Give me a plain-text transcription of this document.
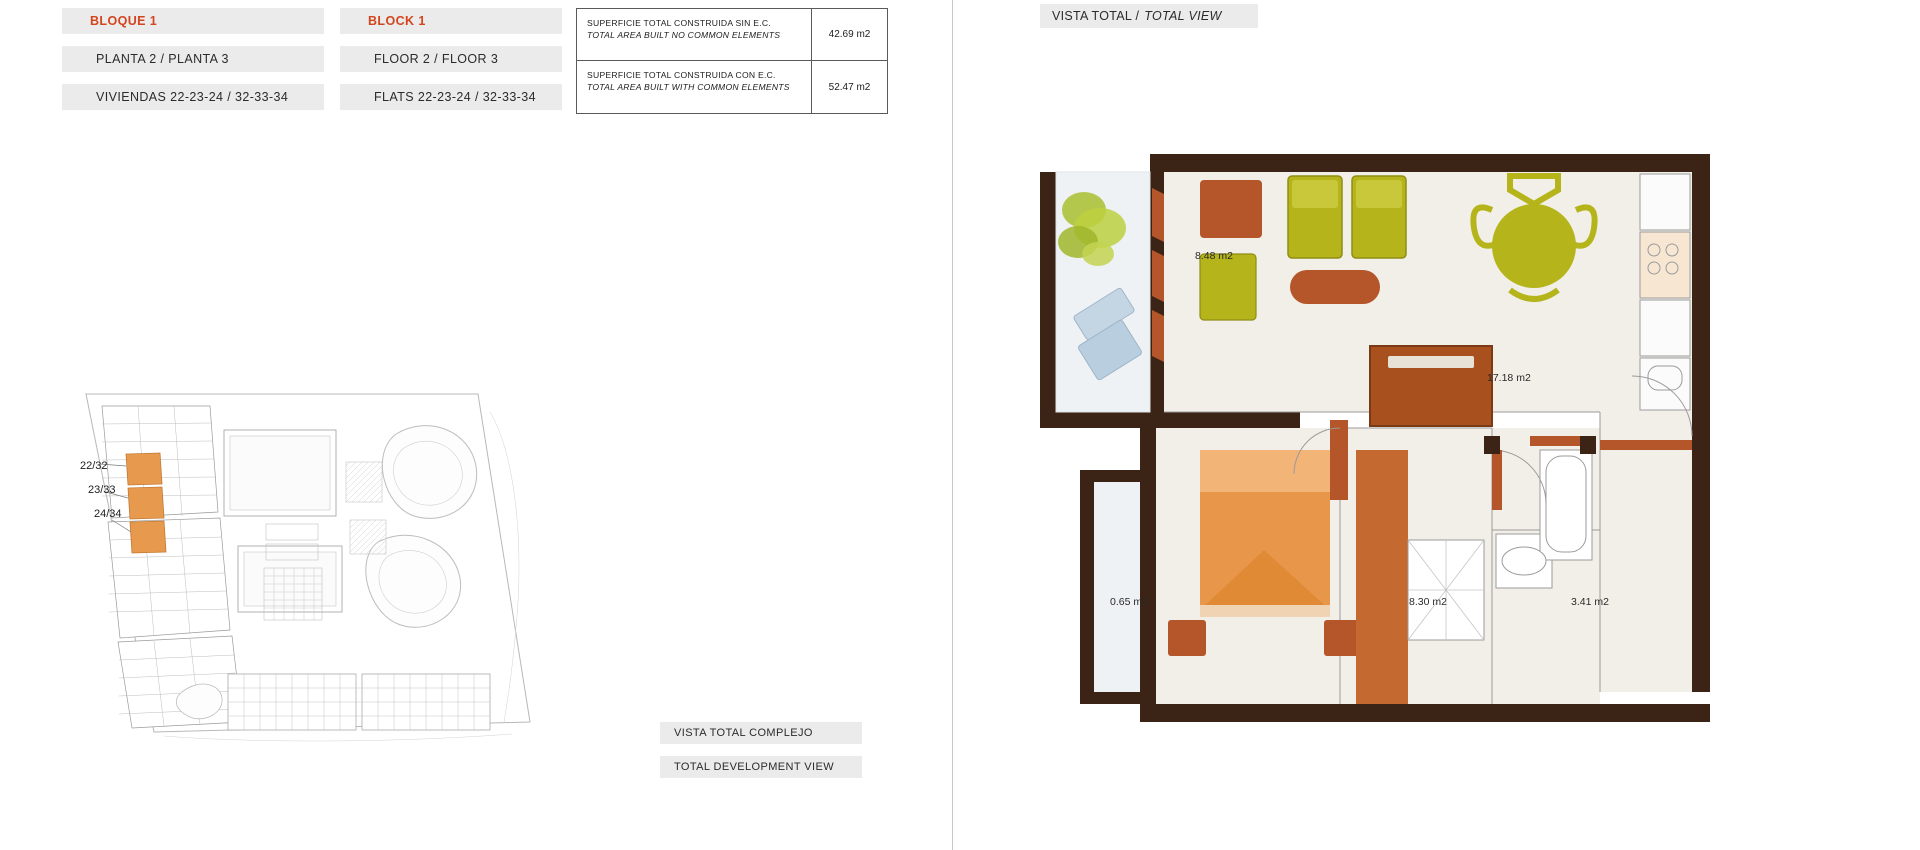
BLOQUE 1
PLANTA 2 / PLANTA 3
VIVIENDAS 22-23-24 / 32-33-34
BLOCK 1
FLOOR 2 / FLOOR 3
FLATS 22-23-24 / 32-33-34
SUPERFICIE TOTAL CONSTRUIDA SIN E.C.
TOTAL AREA BUILT NO COMMON ELEMENTS	42.69 m2
SUPERFICIE TOTAL CONSTRUIDA CON E.C.
TOTAL AREA BUILT WITH COMMON ELEMENTS	52.47 m2
22/32
23/33
24/34
VISTA TOTAL COMPLEJO
TOTAL DEVELOPMENT VIEW
VISTA TOTAL / TOTAL VIEW
8.48 m2
17.18 m2
8.30 m2	3.41 m2
0.65 m2
